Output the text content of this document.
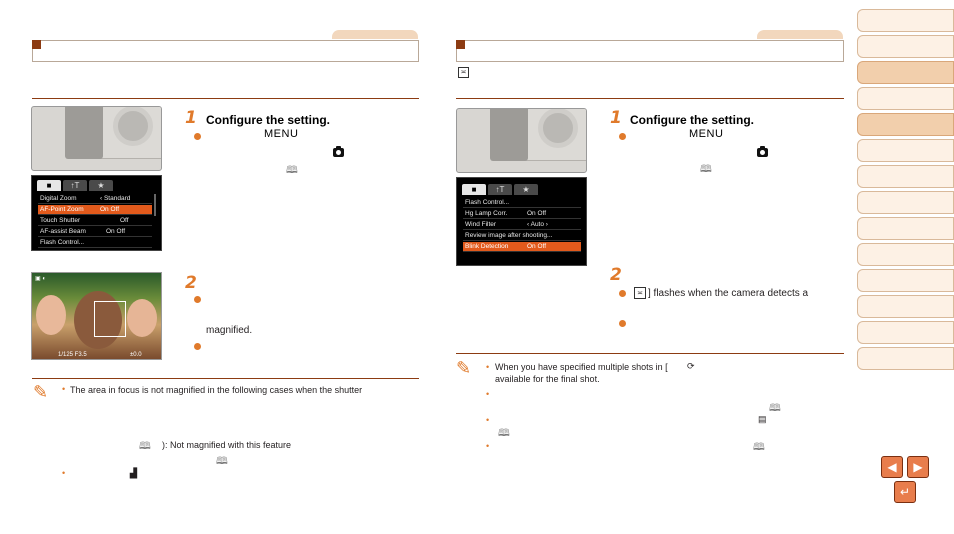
■	↑T	★
Digital Zoom	‹ Standard
AF-Point Zoom	On Off
Touch Shutter	Off
AF-assist Beam	On Off
Flash Control...
▣ ◐
1/125 F3.5	±0.0
1 Configure the setting.
MENU
🕮
2
magnified.
✎ • The area in focus is not magnified in the following cases when the shutter
🕮 ): Not magnified with this feature
🕮
•	▟
≍
■	↑T	★
Flash Control...
Hg Lamp Corr.	On Off
Wind Filter	‹ Auto ›
Review image after shooting...
Blink Detection	On Off
1 Configure the setting.
MENU
🕮
2
≍ ] flashes when the camera detects a
✎ • When you have specified multiple shots in [ ⟳
available for the final shot.
•
🕮
•	▤
🕮
•	🕮
◀	▶
↵
